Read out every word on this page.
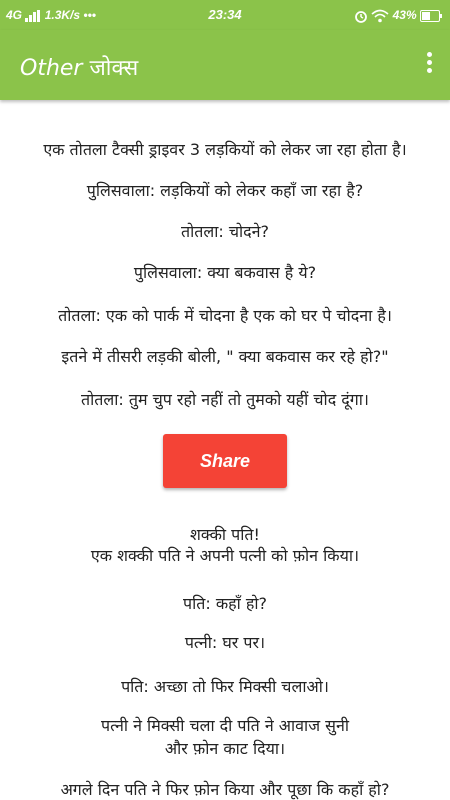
4G 1.3K/s •••	23:34	43%
Other जोक्स
एक तोतला टैक्सी ड्राइवर 3 लड़कियों को लेकर जा रहा होता है।
पुलिसवाला: लड़कियों को लेकर कहाँ जा रहा है?
तोतला: चोदने?
पुलिसवाला: क्या बकवास है ये?
तोतला: एक को पार्क में चोदना है एक को घर पे चोदना है।
इतने में तीसरी लड़की बोली, " क्या बकवास कर रहे हो?"
तोतला: तुम चुप रहो नहीं तो तुमको यहीं चोद दूंगा।
Share
शक्की पति!
एक शक्की पति ने अपनी पत्नी को फ़ोन किया।
पति: कहाँ हो?
पत्नी: घर पर।
पति: अच्छा तो फिर मिक्सी चलाओ।
पत्नी ने मिक्सी चला दी पति ने आवाज सुनी
और फ़ोन काट दिया।
अगले दिन पति ने फिर फ़ोन किया और पूछा कि कहाँ हो?
